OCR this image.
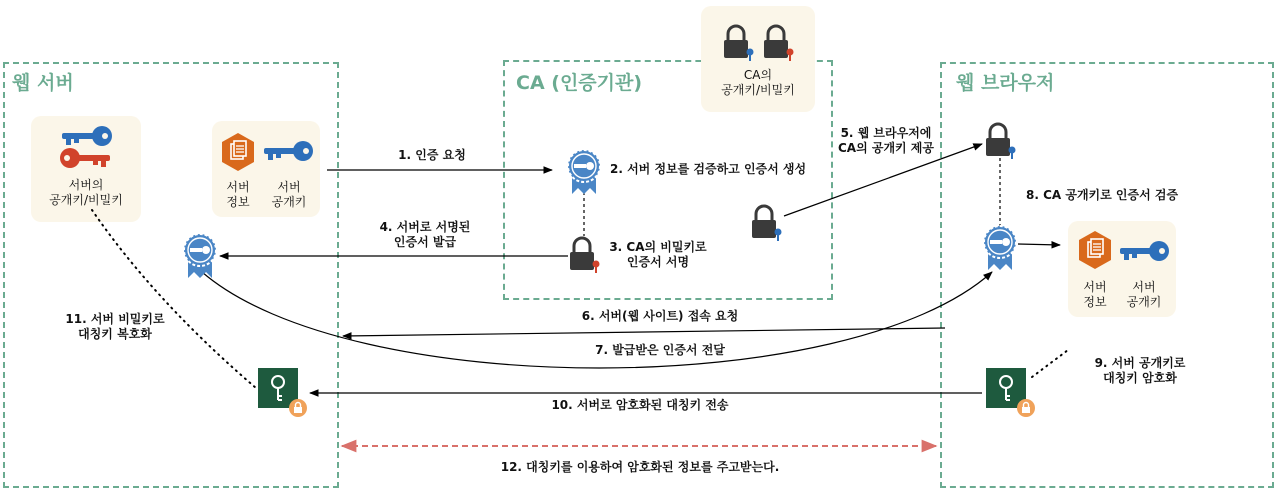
웹 서버	CA (인증기관)	웹 브라우저
서버의
공개키/비밀키
서버
정보
서버
공개키
CA의
공개키/비밀키
서버
정보
서버
공개키
1. 인증 요청
2. 서버 정보를 검증하고 인증서 생성
3. CA의 비밀키로
인증서 서명
4. 서버로 서명된
인증서 발급
5. 웹 브라우저에
CA의 공개키 제공
6. 서버(웹 사이트) 접속 요청
7. 발급받은 인증서 전달
8. CA 공개키로 인증서 검증
9. 서버 공개키로
대칭키 암호화
10. 서버로 암호화된 대칭키 전송
11. 서버 비밀키로
대칭키 복호화
12. 대칭키를 이용하여 암호화된 정보를 주고받는다.
